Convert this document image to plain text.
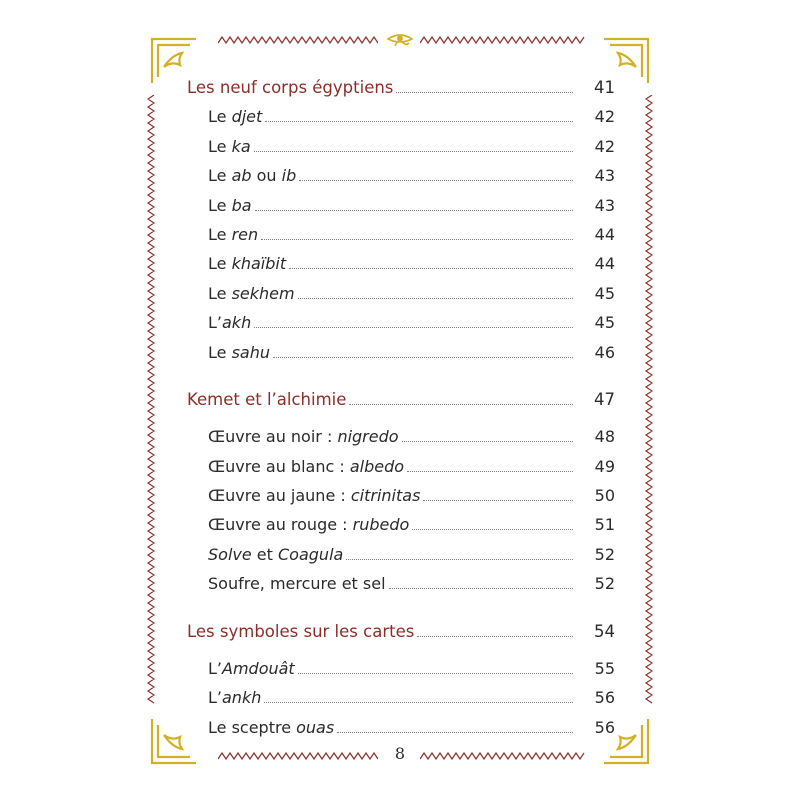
Les neuf corps égyptiens	41
Le djet	42
Le ka	42
Le ab ou ib	43
Le ba	43
Le ren	44
Le khaïbit	44
Le sekhem	45
L’akh	45
Le sahu	46
Kemet et l’alchimie	47
Œuvre au noir : nigredo	48
Œuvre au blanc : albedo	49
Œuvre au jaune : citrinitas	50
Œuvre au rouge : rubedo	51
Solve et Coagula	52
Soufre, mercure et sel	52
Les symboles sur les cartes	54
L’Amdouât	55
L’ankh	56
Le sceptre ouas	56
8
